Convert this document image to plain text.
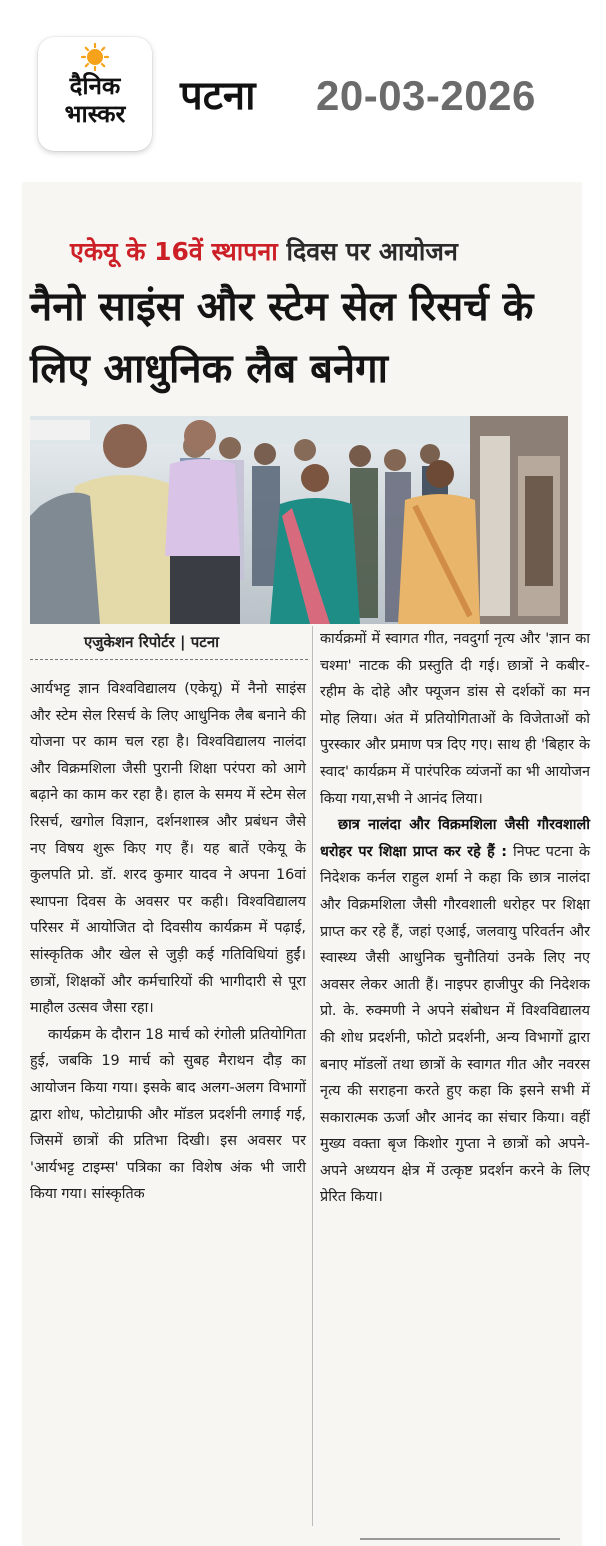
दैनिक
भास्कर	पटना 20-03-2026
एकेयू के 16वें स्थापना दिवस पर आयोजन
नैनो साइंस और स्टेम सेल रिसर्च के लिए आधुनिक लैब बनेगा
एजुकेशन रिपोर्टर | पटना

आर्यभट्ट ज्ञान विश्वविद्यालय (एकेयू) में नैनो साइंस और स्टेम सेल रिसर्च के लिए आधुनिक लैब बनाने की योजना पर काम चल रहा है। विश्वविद्यालय नालंदा और विक्रमशिला जैसी पुरानी शिक्षा परंपरा को आगे बढ़ाने का काम कर रहा है। हाल के समय में स्टेम सेल रिसर्च, खगोल विज्ञान, दर्शनशास्त्र और प्रबंधन जैसे नए विषय शुरू किए गए हैं। यह बातें एकेयू के कुलपति प्रो. डॉ. शरद कुमार यादव ने अपना 16वां स्थापना दिवस के अवसर पर कही। विश्वविद्यालय परिसर में आयोजित दो दिवसीय कार्यक्रम में पढ़ाई, सांस्कृतिक और खेल से जुड़ी कई गतिविधियां हुईं। छात्रों, शिक्षकों और कर्मचारियों की भागीदारी से पूरा माहौल उत्सव जैसा रहा।

कार्यक्रम के दौरान 18 मार्च को रंगोली प्रतियोगिता हुई, जबकि 19 मार्च को सुबह मैराथन दौड़ का आयोजन किया गया। इसके बाद अलग-अलग विभागों द्वारा शोध, फोटोग्राफी और मॉडल प्रदर्शनी लगाई गई, जिसमें छात्रों की प्रतिभा दिखी। इस अवसर पर 'आर्यभट्ट टाइम्स' पत्रिका का विशेष अंक भी जारी किया गया। सांस्कृतिक

कार्यक्रमों में स्वागत गीत, नवदुर्गा नृत्य और 'ज्ञान का चश्मा' नाटक की प्रस्तुति दी गई। छात्रों ने कबीर-रहीम के दोहे और फ्यूजन डांस से दर्शकों का मन मोह लिया। अंत में प्रतियोगिताओं के विजेताओं को पुरस्कार और प्रमाण पत्र दिए गए। साथ ही 'बिहार के स्वाद' कार्यक्रम में पारंपरिक व्यंजनों का भी आयोजन किया गया,सभी ने आनंद लिया।

छात्र नालंदा और विक्रमशिला जैसी गौरवशाली धरोहर पर शिक्षा प्राप्त कर रहे हैं : निफ्ट पटना के निदेशक कर्नल राहुल शर्मा ने कहा कि छात्र नालंदा और विक्रमशिला जैसी गौरवशाली धरोहर पर शिक्षा प्राप्त कर रहे हैं, जहां एआई, जलवायु परिवर्तन और स्वास्थ्य जैसी आधुनिक चुनौतियां उनके लिए नए अवसर लेकर आती हैं। नाइपर हाजीपुर की निदेशक प्रो. के. रुक्मणी ने अपने संबोधन में विश्वविद्यालय की शोध प्रदर्शनी, फोटो प्रदर्शनी, अन्य विभागों द्वारा बनाए मॉडलों तथा छात्रों के स्वागत गीत और नवरस नृत्य की सराहना करते हुए कहा कि इसने सभी में सकारात्मक ऊर्जा और आनंद का संचार किया। वहीं मुख्य वक्ता बृज किशोर गुप्ता ने छात्रों को अपने-अपने अध्ययन क्षेत्र में उत्कृष्ट प्रदर्शन करने के लिए प्रेरित किया।
